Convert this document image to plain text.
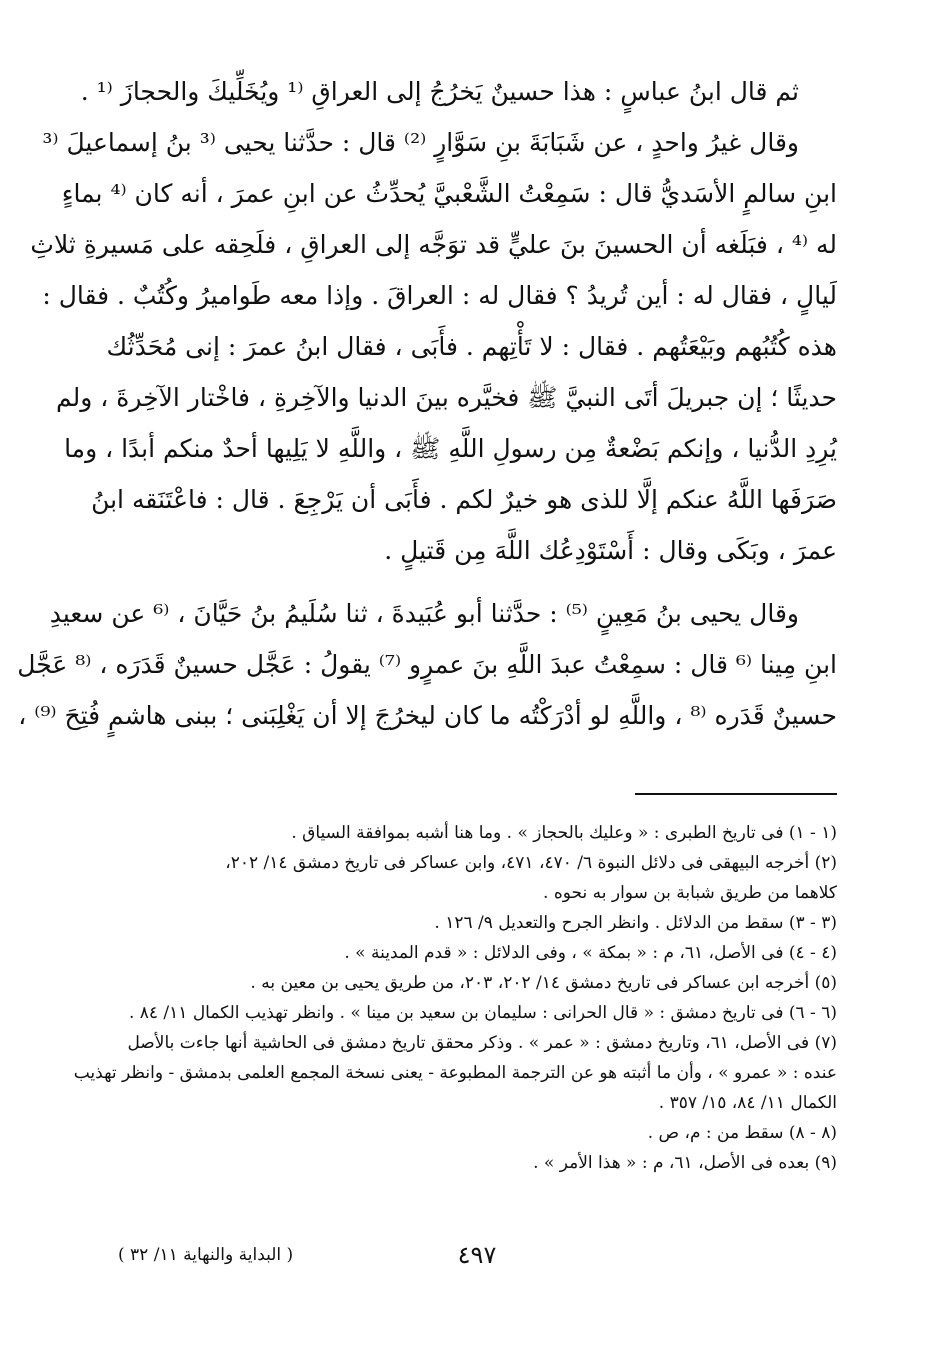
ثم قال ابنُ عباسٍ : هذا حسينٌ يَخرُجُ إلى العراقِ ⁽¹ ويُخَلِّيكَ والحجازَ ⁽¹ .
وقال غيرُ واحدٍ ، عن شَبَابَةَ بنِ سَوَّارٍ ⁽²⁾ قال : حدَّثنا يحيى ⁽³ بنُ إسماعيلَ ⁽³
ابنِ سالمٍ الأسَديُّ قال : سَمِعْتُ الشَّعْبيَّ يُحدِّثُ عن ابنِ عمرَ ، أنه كان ⁽⁴ بماءٍ
له ⁽⁴ ، فبَلَغه أن الحسينَ بنَ عليٍّ قد توَجَّه إلى العراقِ ، فلَحِقه على مَسيرةِ ثلاثِ
لَيالٍ ، فقال له : أين تُريدُ ؟ فقال له : العراقَ . وإذا معه طَواميرُ وكُتُبٌ . فقال :
هذه كُتُبُهم وبَيْعَتُهم . فقال : لا تَأْتِهم . فأَبَى ، فقال ابنُ عمرَ : إنى مُحَدِّثُك
حديثًا ؛ إن جبريلَ أتَى النبيَّ ﷺ فخيَّره بينَ الدنيا والآخِرةِ ، فاخْتار الآخِرةَ ، ولم
يُرِدِ الدُّنيا ، وإنكم بَضْعةٌ مِن رسولِ اللَّهِ ﷺ ، واللَّهِ لا يَلِيها أحدٌ منكم أبدًا ، وما
صَرَفَها اللَّهُ عنكم إلَّا للذى هو خيرٌ لكم . فأَبَى أن يَرْجِعَ . قال : فاعْتَنَقه ابنُ
عمرَ ، وبَكَى وقال : أَسْتَوْدِعُك اللَّهَ مِن قَتيلٍ .
وقال يحيى بنُ مَعِينٍ ⁽⁵⁾ : حدَّثنا أبو عُبَيدةَ ، ثنا سُلَيمُ بنُ حَيَّانَ ، ⁽⁶ عن سعيدِ
ابنِ مِينا ⁽⁶ قال : سمِعْتُ عبدَ اللَّهِ بنَ عمرٍو ⁽⁷⁾ يقولُ : عَجَّل حسينٌ قَدَرَه ، ⁽⁸ عَجَّل
حسينٌ قَدَره ⁽⁸ ، واللَّهِ لو أدْرَكْتُه ما كان ليخرُجَ إلا أن يَغْلِبَنى ؛ ببنى هاشمٍ فُتِحَ ⁽⁹⁾ ،
(١ - ١) فى تاريخ الطبرى : « وعليك بالحجاز » . وما هنا أشبه بموافقة السياق .
(٢) أخرجه البيهقى فى دلائل النبوة ٦/ ٤٧٠، ٤٧١، وابن عساكر فى تاريخ دمشق ١٤/ ٢٠٢،
كلاهما من طريق شبابة بن سوار به نحوه .
(٣ - ٣) سقط من الدلائل . وانظر الجرح والتعديل ٩/ ١٢٦ .
(٤ - ٤) فى الأصل، ٦١، م : « بمكة » ، وفى الدلائل : « قدم المدينة » .
(٥) أخرجه ابن عساكر فى تاريخ دمشق ١٤/ ٢٠٢، ٢٠٣، من طريق يحيى بن معين به .
(٦ - ٦) فى تاريخ دمشق : « قال الحرانى : سليمان بن سعيد بن مينا » . وانظر تهذيب الكمال ١١/ ٨٤ .
(٧) فى الأصل، ٦١، وتاريخ دمشق : « عمر » . وذكر محقق تاريخ دمشق فى الحاشية أنها جاءت بالأصل
عنده : « عمرو » ، وأن ما أثبته هو عن الترجمة المطبوعة - يعنى نسخة المجمع العلمى بدمشق - وانظر تهذيب
الكمال ١١/ ٨٤، ١٥/ ٣٥٧ .
(٨ - ٨) سقط من : م، ص .
(٩) بعده فى الأصل، ٦١، م : « هذا الأمر » .
٤٩٧
( البداية والنهاية ١١/ ٣٢ )
